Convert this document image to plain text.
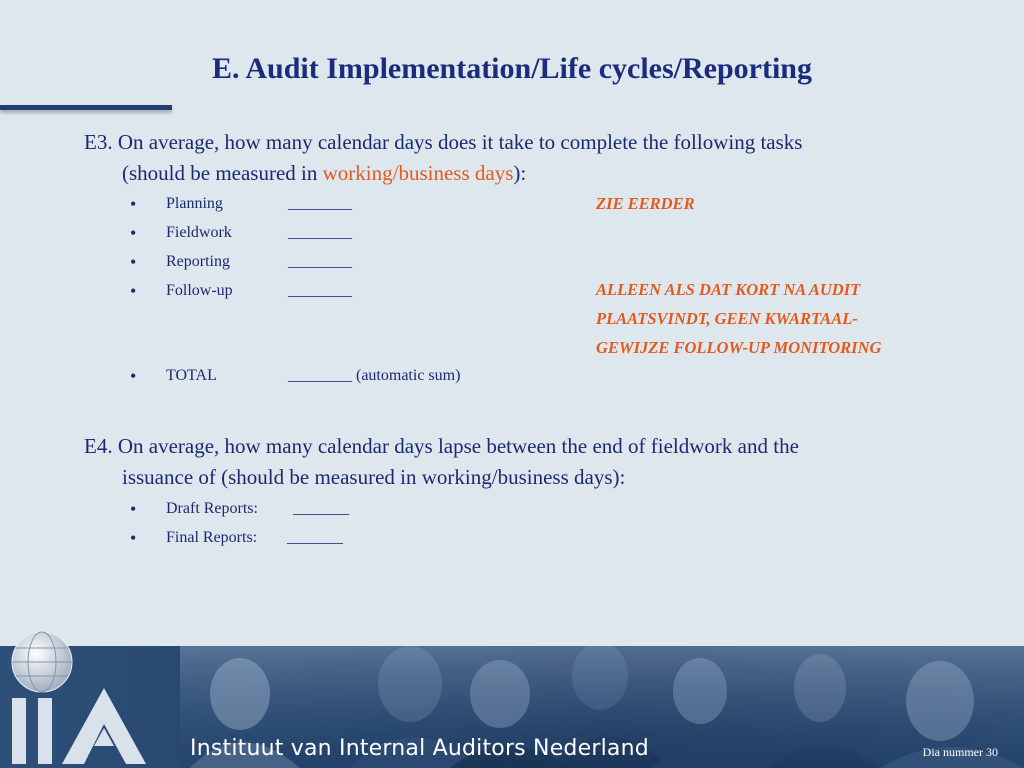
E. Audit Implementation/Life cycles/Reporting
E3. On average, how many calendar days does it take to complete the following tasks
(should be measured in working/business days):
• Planning	________
• Fieldwork	________
• Reporting	________
• Follow-up	________
• TOTAL	________ (automatic sum)
ZIE EERDER
ALLEEN ALS DAT KORT NA AUDIT
PLAATSVINDT, GEEN KWARTAAL-
GEWIJZE FOLLOW-UP MONITORING
E4. On average, how many calendar days lapse between the end of fieldwork and the
issuance of (should be measured in working/business days):
• Draft Reports: _______
• Final Reports: _______
Instituut van Internal Auditors Nederland	Dia nummer 30
